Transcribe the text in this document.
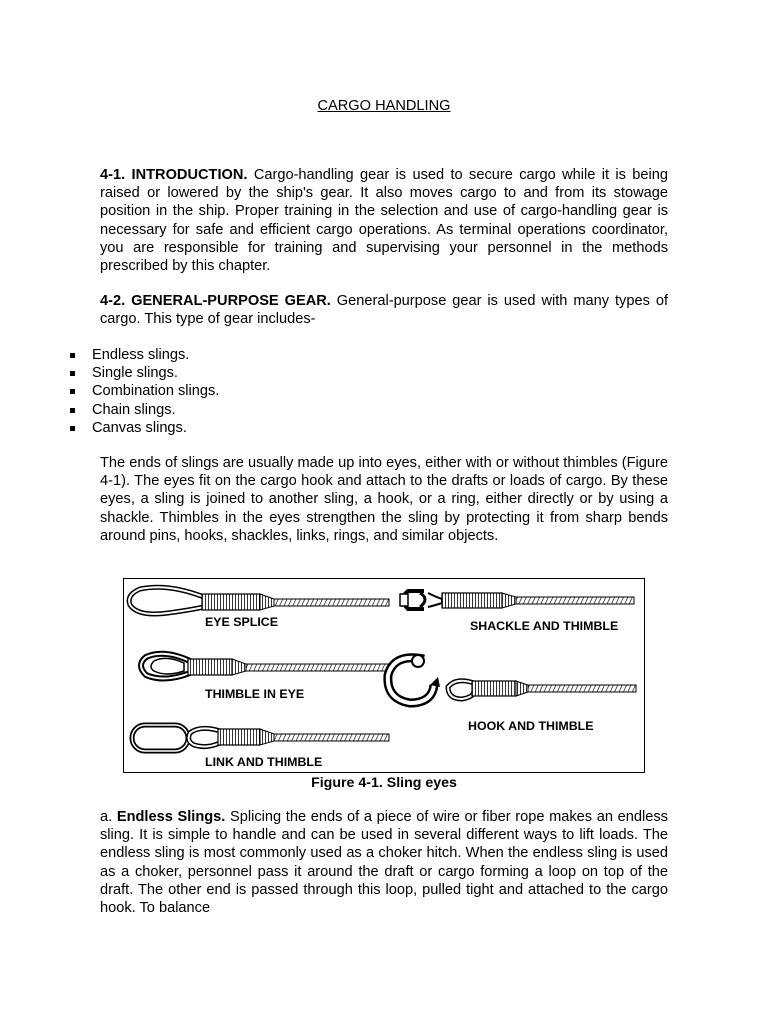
CARGO HANDLING

4-1. INTRODUCTION. Cargo-handling gear is used to secure cargo while it is being raised or lowered by the ship's gear. It also moves cargo to and from its stowage position in the ship. Proper training in the selection and use of cargo-handling gear is necessary for safe and efficient cargo operations. As terminal operations coordinator, you are responsible for training and supervising your personnel in the methods prescribed by this chapter.

4-2. GENERAL-PURPOSE GEAR. General-purpose gear is used with many types of cargo. This type of gear includes-

Endless slings.
Single slings.
Combination slings.
Chain slings.
Canvas slings.

The ends of slings are usually made up into eyes, either with or without thimbles (Figure 4-1). The eyes fit on the cargo hook and attach to the drafts or loads of cargo. By these eyes, a sling is joined to another sling, a hook, or a ring, either directly or by using a shackle. Thimbles in the eyes strengthen the sling by protecting it from sharp bends around pins, hooks, shackles, links, rings, and similar objects.

EYE SPLICE	SHACKLE AND THIMBLE
THIMBLE IN EYE
HOOK AND THIMBLE
LINK AND THIMBLE
Figure 4-1. Sling eyes

a. Endless Slings. Splicing the ends of a piece of wire or fiber rope makes an endless sling. It is simple to handle and can be used in several different ways to lift loads. The endless sling is most commonly used as a choker hitch. When the endless sling is used as a choker, personnel pass it around the draft or cargo forming a loop on top of the draft. The other end is passed through this loop, pulled tight and attached to the cargo hook. To balance
